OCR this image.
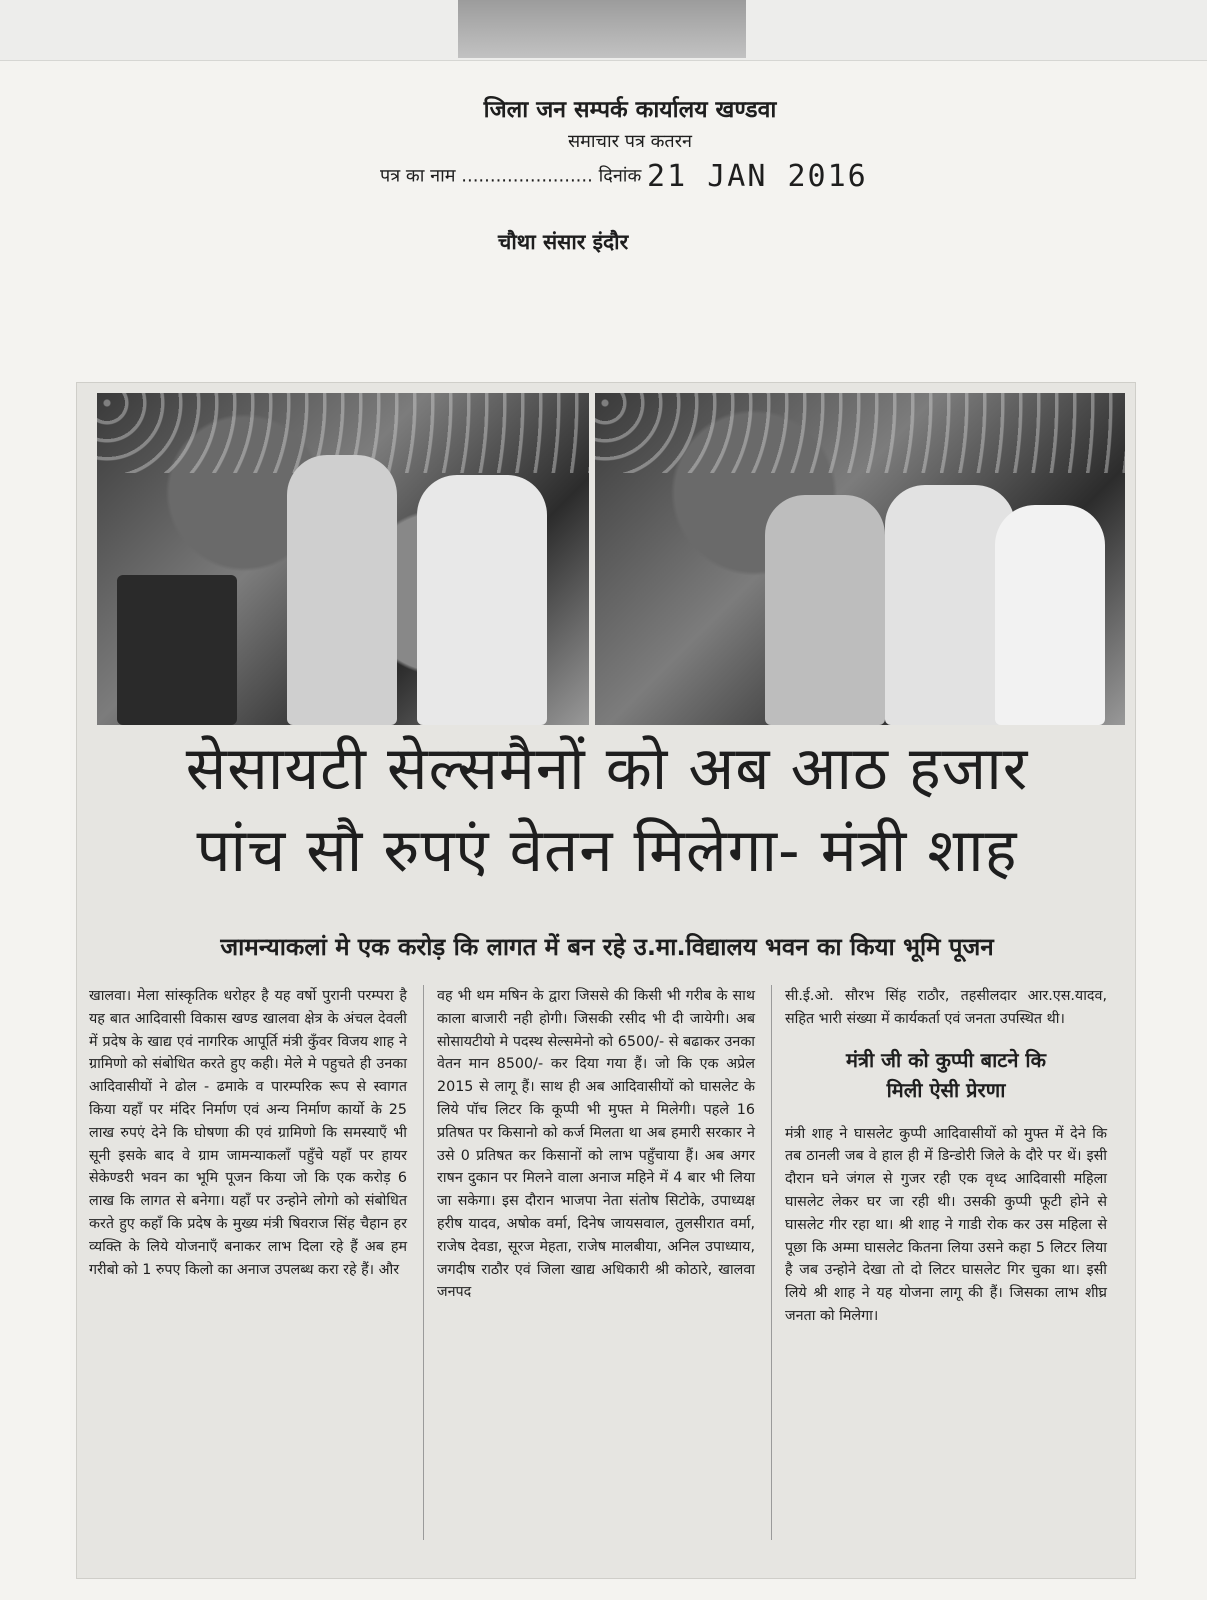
जिला जन सम्पर्क कार्यालय खण्डवा
समाचार पत्र कतरन
पत्र का नाम ....................... दिनांक 21 JAN 2016
चौथा संसार इंदौर
सेसायटी सेल्समैनों को अब आठ हजार
पांच सौ रुपएं वेतन मिलेगा- मंत्री शाह
जामन्याकलां मे एक करोड़ कि लागत में बन रहे उ.मा.विद्यालय भवन का किया भूमि पूजन

खालवा। मेला सांस्कृतिक धरोहर है यह वर्षो पुरानी परम्परा है यह बात आदिवासी विकास खण्ड खालवा क्षेत्र के अंचल देवली में प्रदेष के खाद्य एवं नागरिक आपूर्ति मंत्री कुँवर विजय शाह ने ग्रामिणो को संबोधित करते हुए कही। मेले मे पहुचते ही उनका आदिवासीयों ने ढोल - ढमाके व पारम्परिक रूप से स्वागत किया यहाँ पर मंदिर निर्माण एवं अन्य निर्माण कार्यो के 25 लाख रुपएं देने कि घोषणा की एवं ग्रामिणो कि समस्याएँ भी सूनी इसके बाद वे ग्राम जामन्याकलाँ पहुँचे यहाँ पर हायर सेकेण्डरी भवन का भूमि पूजन किया जो कि एक करोड़ 6 लाख कि लागत से बनेगा। यहाँ पर उन्होने लोगो को संबोधित करते हुए कहाँ कि प्रदेष के मुख्य मंत्री षिवराज सिंह चैहान हर व्यक्ति के लिये योजनाएँ बनाकर लाभ दिला रहे हैं अब हम गरीबो को 1 रुपए किलो का अनाज उपलब्ध करा रहे हैं। और

वह भी थम मषिन के द्वारा जिससे की किसी भी गरीब के साथ काला बाजारी नही होगी। जिसकी रसीद भी दी जायेगी। अब सोसायटीयो मे पदस्थ सेल्समेनो को 6500/- से बढाकर उनका वेतन मान 8500/- कर दिया गया हैं। जो कि एक अप्रेल 2015 से लागू हैं। साथ ही अब आदिवासीयों को घासलेट के लिये पॉच लिटर कि कूप्पी भी मुफ्त मे मिलेगी। पहले 16 प्रतिषत पर किसानो को कर्ज मिलता था अब हमारी सरकार ने उसे 0 प्रतिषत कर किसानों को लाभ पहुँचाया हैं। अब अगर राषन दुकान पर मिलने वाला अनाज महिने में 4 बार भी लिया जा सकेगा। इस दौरान भाजपा नेता संतोष सिटोके, उपाध्यक्ष हरीष यादव, अषोक वर्मा, दिनेष जायसवाल, तुलसीरात वर्मा, राजेष देवडा, सूरज मेहता, राजेष मालबीया, अनिल उपाध्याय, जगदीष राठौर एवं जिला खाद्य अधिकारी श्री कोठारे, खालवा जनपद

सी.ई.ओ. सौरभ सिंह राठौर, तहसीलदार आर.एस.यादव, सहित भारी संख्या में कार्यकर्ता एवं जनता उपस्थित थी।

मंत्री जी को कुप्पी बाटने कि
मिली ऐसी प्रेरणा

मंत्री शाह ने घासलेट कुप्पी आदिवासीयों को मुफ्त में देने कि तब ठानली जब वे हाल ही में डिन्डोरी जिले के दौरे पर थें। इसी दौरान घने जंगल से गुजर रही एक वृध्द आदिवासी महिला घासलेट लेकर घर जा रही थी। उसकी कुप्पी फूटी होने से घासलेट गीर रहा था। श्री शाह ने गाडी रोक कर उस महिला से पूछा कि अम्मा घासलेट कितना लिया उसने कहा 5 लिटर लिया है जब उन्होने देखा तो दो लिटर घासलेट गिर चुका था। इसी लिये श्री शाह ने यह योजना लागू की हैं। जिसका लाभ शीघ्र जनता को मिलेगा।
